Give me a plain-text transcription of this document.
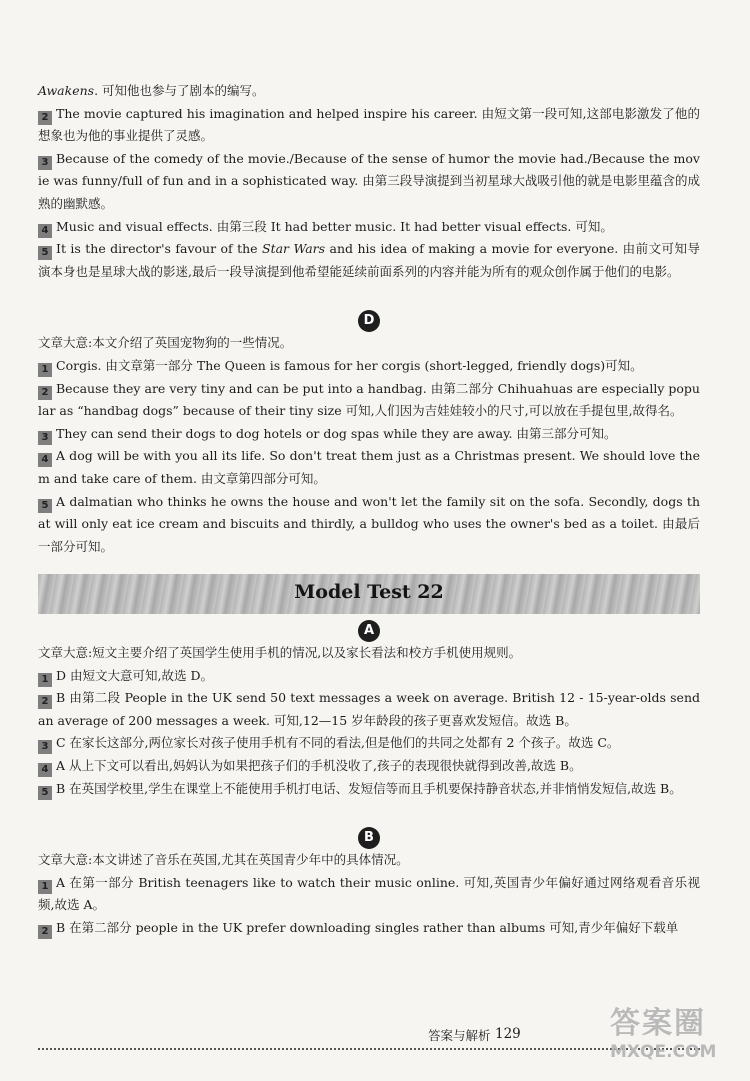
Awakens. 可知他也参与了剧本的编写。

2 The movie captured his imagination and helped inspire his career. 由短文第一段可知,这部电影激发了他的想象也为他的事业提供了灵感。

3 Because of the comedy of the movie./Because of the sense of humor the movie had./Because the movie was funny/full of fun and in a sophisticated way. 由第三段导演提到当初星球大战吸引他的就是电影里蕴含的成熟的幽默感。

4 Music and visual effects. 由第三段 It had better music. It had better visual effects. 可知。

5 It is the director's favour of the Star Wars and his idea of making a movie for everyone. 由前文可知导演本身也是星球大战的影迷,最后一段导演提到他希望能延续前面系列的内容并能为所有的观众创作属于他们的电影。

D

文章大意:本文介绍了英国宠物狗的一些情况。

1 Corgis. 由文章第一部分 The Queen is famous for her corgis (short-legged, friendly dogs)可知。

2 Because they are very tiny and can be put into a handbag. 由第二部分 Chihuahuas are especially popular as “handbag dogs” because of their tiny size 可知,人们因为吉娃娃较小的尺寸,可以放在手提包里,故得名。

3 They can send their dogs to dog hotels or dog spas while they are away. 由第三部分可知。

4 A dog will be with you all its life. So don't treat them just as a Christmas present. We should love them and take care of them. 由文章第四部分可知。

5 A dalmatian who thinks he owns the house and won't let the family sit on the sofa. Secondly, dogs that will only eat ice cream and biscuits and thirdly, a bulldog who uses the owner's bed as a toilet. 由最后一部分可知。

Model Test 22
A

文章大意:短文主要介绍了英国学生使用手机的情况,以及家长看法和校方手机使用规则。

1 D 由短文大意可知,故选 D。

2 B 由第二段 People in the UK send 50 text messages a week on average. British 12 - 15-year-olds send an average of 200 messages a week. 可知,12—15 岁年龄段的孩子更喜欢发短信。故选 B。

3 C 在家长这部分,两位家长对孩子使用手机有不同的看法,但是他们的共同之处都有 2 个孩子。故选 C。

4 A 从上下文可以看出,妈妈认为如果把孩子们的手机没收了,孩子的表现很快就得到改善,故选 B。

5 B 在英国学校里,学生在课堂上不能使用手机打电话、发短信等而且手机要保持静音状态,并非悄悄发短信,故选 B。

B

文章大意:本文讲述了音乐在英国,尤其在英国青少年中的具体情况。

1 A 在第一部分 British teenagers like to watch their music online. 可知,英国青少年偏好通过网络观看音乐视频,故选 A。

2 B 在第二部分 people in the UK prefer downloading singles rather than albums 可知,青少年偏好下载单

答案与解析 129	答案圈
MXQE.COM
